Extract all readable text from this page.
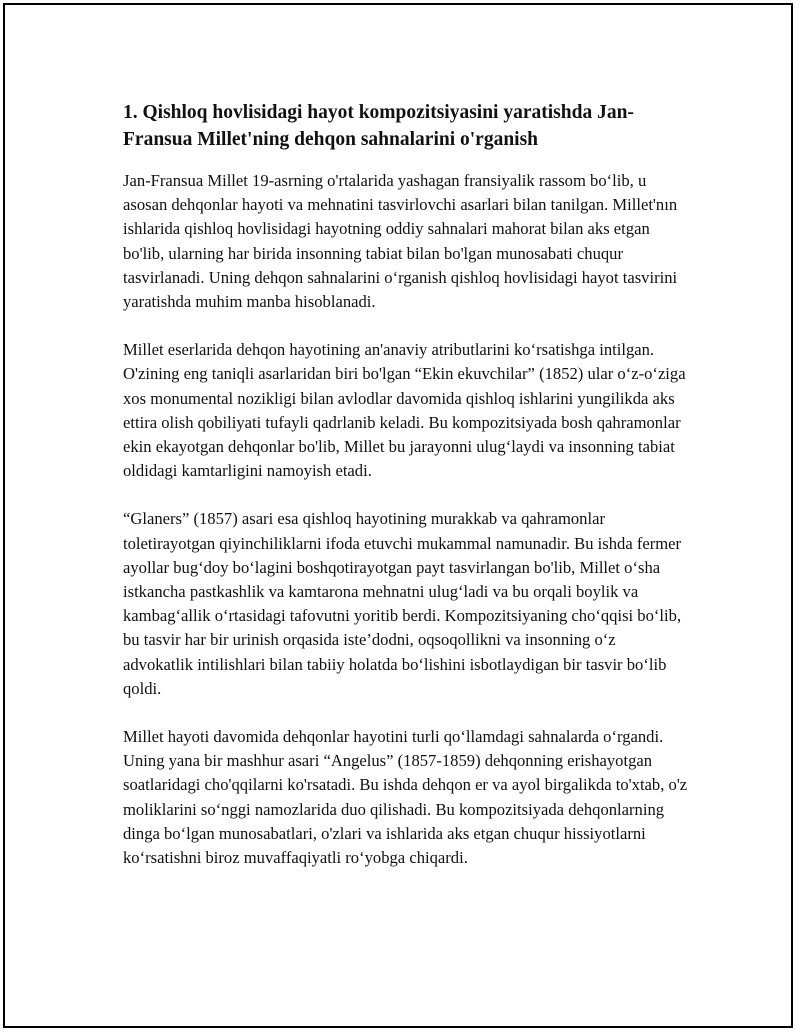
1. Qishloq hovlisidagi hayot kompozitsiyasini yaratishda Jan-Fransua Millet'ning dehqon sahnalarini o'rganish

Jan-Fransua Millet 19-asrning o'rtalarida yashagan fransiyalik rassom bo‘lib, u asosan dehqonlar hayoti va mehnatini tasvirlovchi asarlari bilan tanilgan. Millet'nın ishlarida qishloq hovlisidagi hayotning oddiy sahnalari mahorat bilan aks etgan bo'lib, ularning har birida insonning tabiat bilan bo'lgan munosabati chuqur tasvirlanadi. Uning dehqon sahnalarini o‘rganish qishloq hovlisidagi hayot tasvirini yaratishda muhim manba hisoblanadi.

Millet eserlarida dehqon hayotining an'anaviy atributlarini ko‘rsatishga intilgan. O'zining eng taniqli asarlaridan biri bo'lgan “Ekin ekuvchilar” (1852) ular o‘z-o‘ziga xos monumental nozikligi bilan avlodlar davomida qishloq ishlarini yungilikda aks ettira olish qobiliyati tufayli qadrlanib keladi. Bu kompozitsiyada bosh qahramonlar ekin ekayotgan dehqonlar bo'lib, Millet bu jarayonni ulug‘laydi va insonning tabiat oldidagi kamtarligini namoyish etadi.

“Glaners” (1857) asari esa qishloq hayotining murakkab va qahramonlar toletirayotgan qiyinchiliklarni ifoda etuvchi mukammal namunadir. Bu ishda fermer ayollar bug‘doy bo‘lagini boshqotirayotgan payt tasvirlangan bo'lib, Millet o‘sha istkancha pastkashlik va kamtarona mehnatni ulug‘ladi va bu orqali boylik va kambag‘allik o‘rtasidagi tafovutni yoritib berdi. Kompozitsiyaning cho‘qqisi bo‘lib, bu tasvir har bir urinish orqasida iste’dodni, oqsoqollikni va insonning o‘z advokatlik intilishlari bilan tabiiy holatda bo‘lishini isbotlaydigan bir tasvir bo‘lib qoldi.

Millet hayoti davomida dehqonlar hayotini turli qo‘llamdagi sahnalarda o‘rgandi. Uning yana bir mashhur asari “Angelus” (1857-1859) dehqonning erishayotgan soatlaridagi cho'qqilarni ko'rsatadi. Bu ishda dehqon er va ayol birgalikda to'xtab, o'z moliklarini so‘nggi namozlarida duo qilishadi. Bu kompozitsiyada dehqonlarning dinga bo‘lgan munosabatlari, o'zlari va ishlarida aks etgan chuqur hissiyotlarni ko‘rsatishni biroz muvaffaqiyatli ro‘yobga chiqardi.
